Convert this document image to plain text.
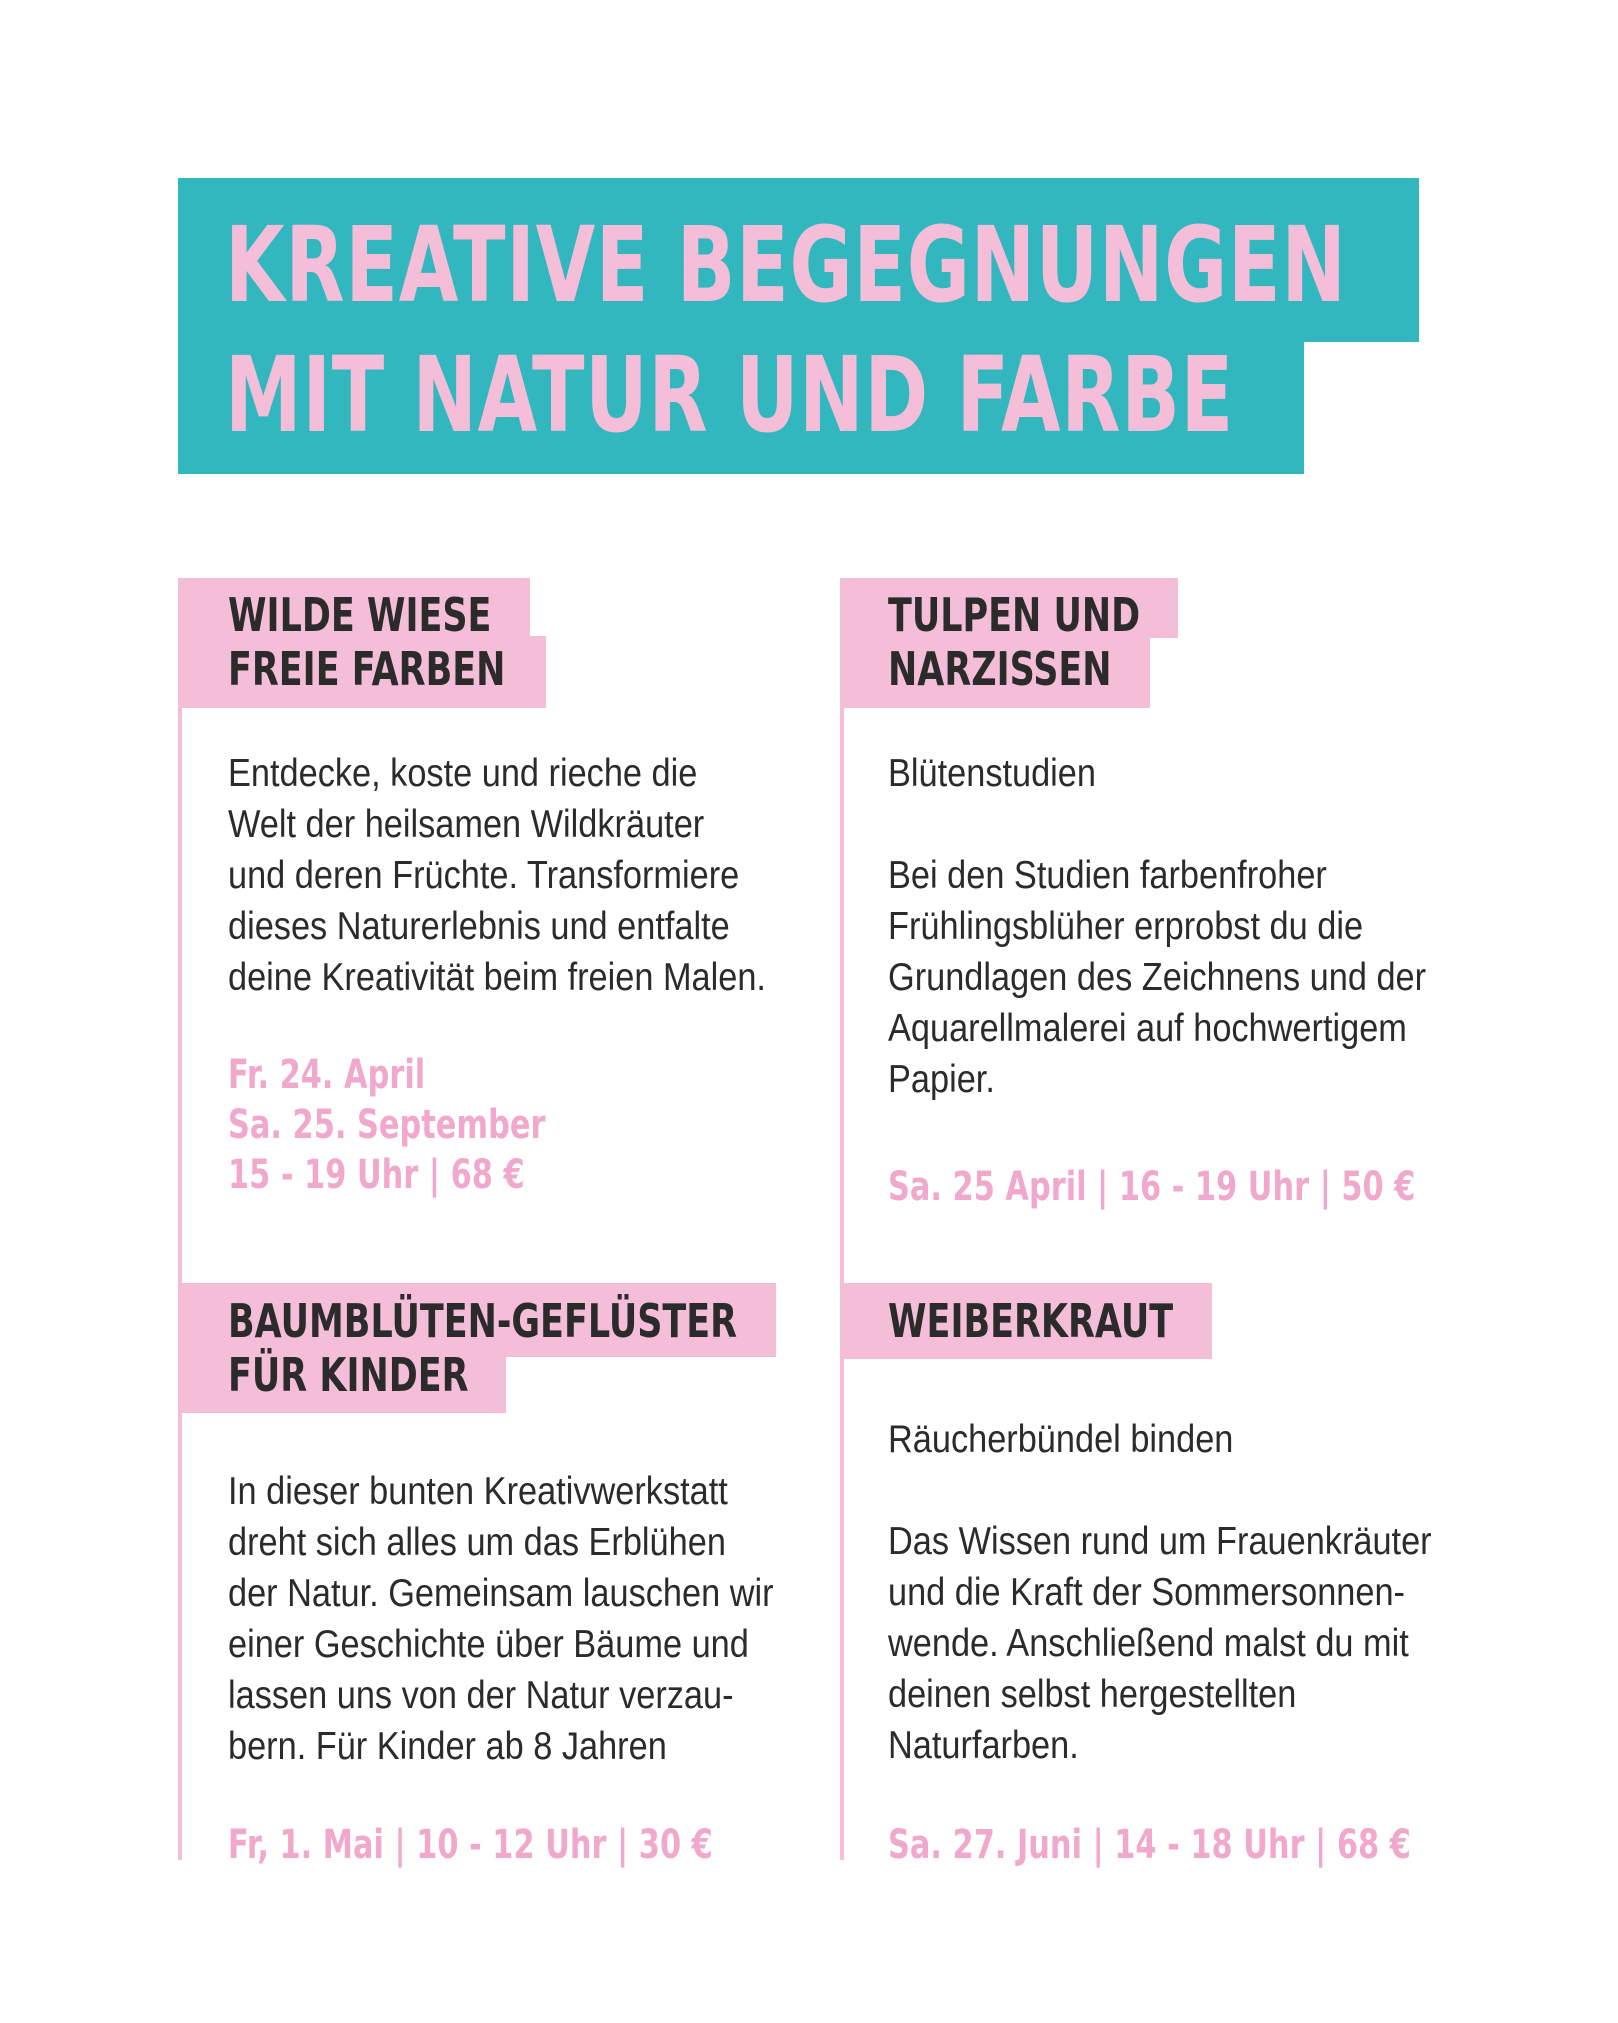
KREATIVE BEGEGNUNGEN
MIT NATUR UND FARBE
WILDE WIESE
FREIE FARBEN

Entdecke, koste und rieche die
Welt der heilsamen Wildkräuter
und deren Früchte. Transformiere
dieses Naturerlebnis und entfalte
deine Kreativität beim freien Malen.

Fr. 24. April
Sa. 25. September
15 - 19 Uhr | 68 €

TULPEN UND
NARZISSEN

Blütenstudien

Bei den Studien farbenfroher
Frühlingsblüher erprobst du die
Grundlagen des Zeichnens und der
Aquarellmalerei auf hochwertigem
Papier.

Sa. 25 April | 16 - 19 Uhr | 50 €

BAUMBLÜTEN-GEFLÜSTER
FÜR KINDER

In dieser bunten Kreativwerkstatt
dreht sich alles um das Erblühen
der Natur. Gemeinsam lauschen wir
einer Geschichte über Bäume und
lassen uns von der Natur verzau-
bern. Für Kinder ab 8 Jahren

Fr, 1. Mai | 10 - 12 Uhr | 30 €

WEIBERKRAUT

Räucherbündel binden

Das Wissen rund um Frauenkräuter
und die Kraft der Sommersonnen-
wende. Anschließend malst du mit
deinen selbst hergestellten
Naturfarben.

Sa. 27. Juni | 14 - 18 Uhr | 68 €
